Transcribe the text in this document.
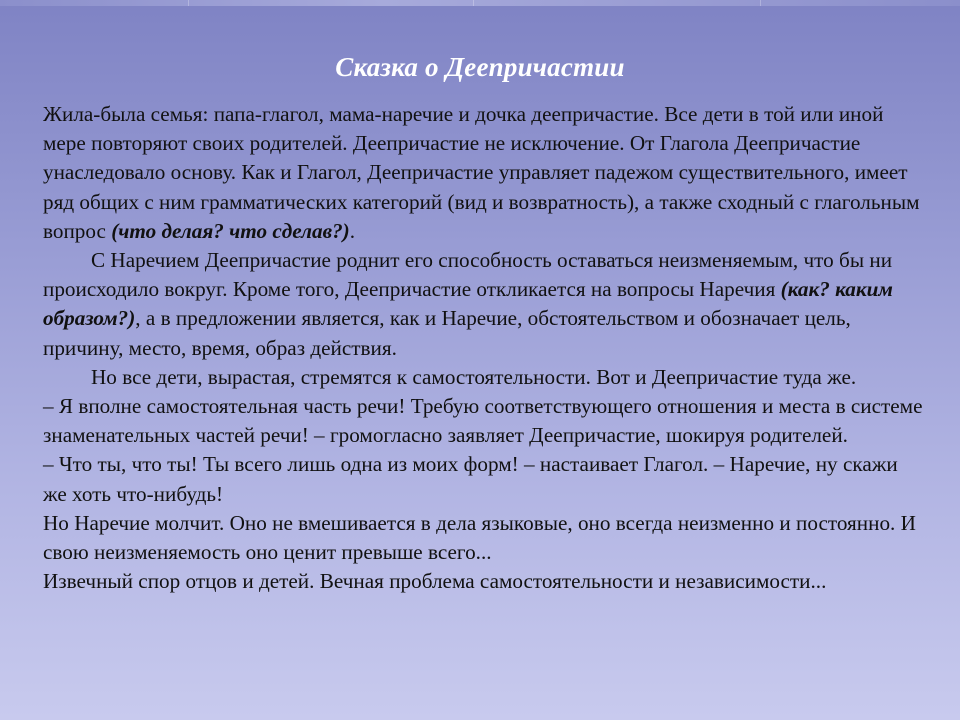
Сказка о Деепричастии

Жила-была семья: папа-глагол, мама-наречие и дочка деепричастие. Все дети в той или иной мере повторяют своих родителей. Деепричастие не исключение. От Глагола Деепричастие унаследовало основу. Как и Глагол, Деепричастие управляет падежом существительного, имеет ряд общих с ним грамматических категорий (вид и возвратность), а также сходный с глагольным вопрос (что делая? что сделав?).

С Наречием Деепричастие роднит его способность оставаться неизменяемым, что бы ни происходило вокруг. Кроме того, Деепричастие откликается на вопросы Наречия (как? каким образом?), а в предложении является, как и Наречие, обстоятельством и обозначает цель, причину, место, время, образ действия.

Но все дети, вырастая, стремятся к самостоятельности. Вот и Деепричастие туда же.

– Я вполне самостоятельная часть речи! Требую соответствующего отношения и места в системе знаменательных частей речи! – громогласно заявляет Деепричастие, шокируя родителей.

– Что ты, что ты! Ты всего лишь одна из моих форм! – настаивает Глагол. – Наречие, ну скажи же хоть что-нибудь!

Но Наречие молчит. Оно не вмешивается в дела языковые, оно всегда неизменно и постоянно. И свою неизменяемость оно ценит превыше всего...

Извечный спор отцов и детей. Вечная проблема самостоятельности и независимости...
